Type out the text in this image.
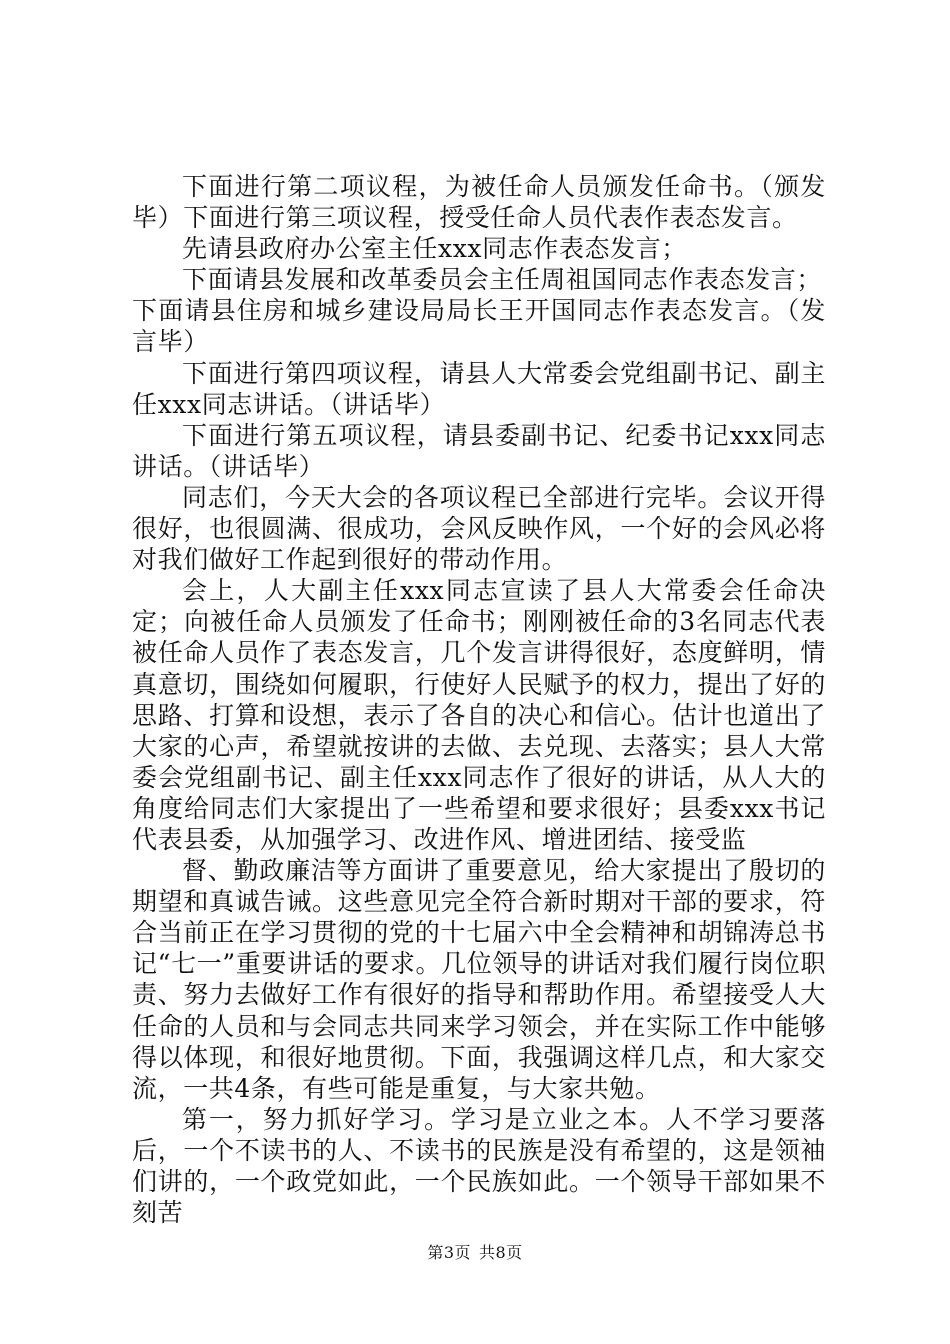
下面进行第二项议程，为被任命人员颁发任命书。（颁发毕）下面进行第三项议程，授受任命人员代表作表态发言。

先请县政府办公室主任xxx同志作表态发言；

下面请县发展和改革委员会主任周祖国同志作表态发言；

下面请县住房和城乡建设局局长王开国同志作表态发言。（发言毕）

下面进行第四项议程，请县人大常委会党组副书记、副主任xxx同志讲话。（讲话毕）

下面进行第五项议程，请县委副书记、纪委书记xxx同志讲话。（讲话毕）

同志们，今天大会的各项议程已全部进行完毕。会议开得很好，也很圆满、很成功，会风反映作风，一个好的会风必将对我们做好工作起到很好的带动作用。

会上，人大副主任xxx同志宣读了县人大常委会任命决定；向被任命人员颁发了任命书；刚刚被任命的3名同志代表被任命人员作了表态发言，几个发言讲得很好，态度鲜明，情真意切，围绕如何履职，行使好人民赋予的权力，提出了好的思路、打算和设想，表示了各自的决心和信心。估计也道出了大家的心声，希望就按讲的去做、去兑现、去落实；县人大常委会党组副书记、副主任xxx同志作了很好的讲话，从人大的角度给同志们大家提出了一些希望和要求很好；县委xxx书记代表县委，从加强学习、改进作风、增进团结、接受监

督、勤政廉洁等方面讲了重要意见，给大家提出了殷切的期望和真诚告诫。这些意见完全符合新时期对干部的要求，符合当前正在学习贯彻的党的十七届六中全会精神和胡锦涛总书记“七一”重要讲话的要求。几位领导的讲话对我们履行岗位职责、努力去做好工作有很好的指导和帮助作用。希望接受人大任命的人员和与会同志共同来学习领会，并在实际工作中能够得以体现，和很好地贯彻。下面，我强调这样几点，和大家交流，一共4条，有些可能是重复，与大家共勉。

第一，努力抓好学习。学习是立业之本。人不学习要落后，一个不读书的人、不读书的民族是没有希望的，这是领袖们讲的，一个政党如此，一个民族如此。一个领导干部如果不刻苦

第3页 共8页
